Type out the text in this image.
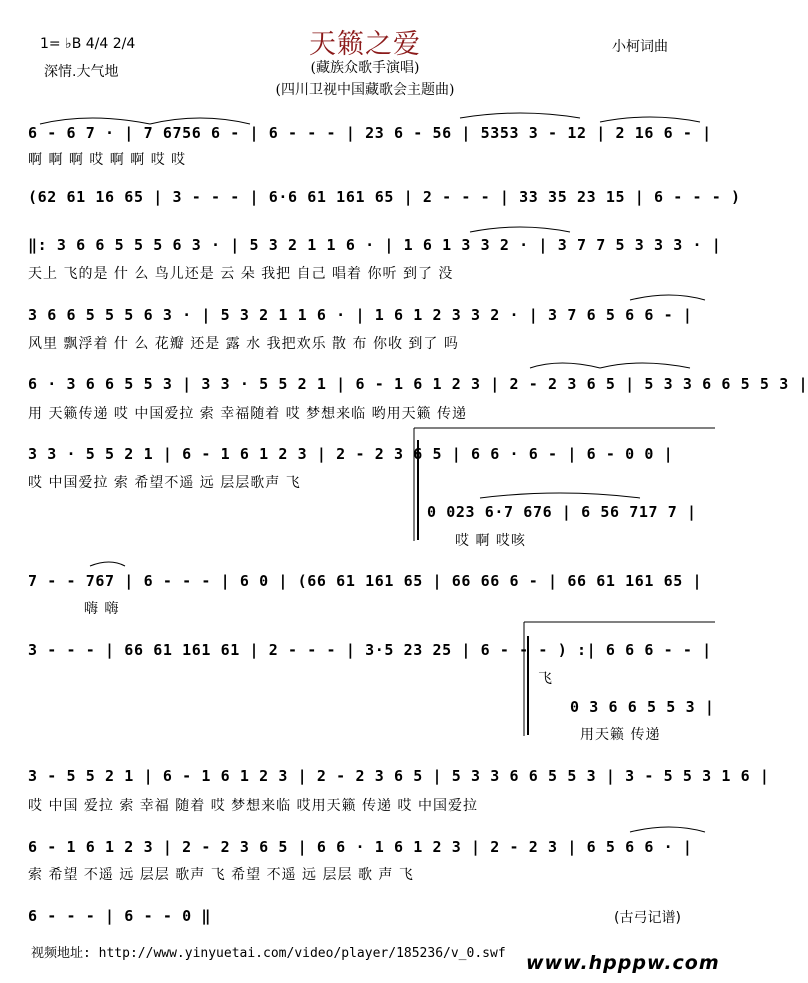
天籁之爱
(藏族众歌手演唱)
(四川卫视中国藏歌会主题曲)
1= ♭B 4/4 2/4
深情.大气地
小柯词曲
6 - 6 7 · | 7 6756 6 - | 6 - - - | 23 6 - 56 | 5353 3 - 12 | 2 16 6 - |
啊 啊 啊 哎 啊 啊 哎 哎
(62 61 16 65 | 3 - - - | 6·6 61 161 65 | 2 - - - | 33 35 23 15 | 6 - - - )
‖: 3 6 6 5 5 5 6 3 · | 5 3 2 1 1 6 · | 1 6 1 3 3 2 · | 3 7 7 5 3 3 3 · |
天上 飞的是 什 么 鸟儿还是 云 朵 我把 自己 唱着 你听 到了 没
3 6 6 5 5 5 6 3 · | 5 3 2 1 1 6 · | 1 6 1 2 3 3 2 · | 3 7 6 5 6 6 - |
风里 飘浮着 什 么 花瓣 还是 露 水 我把欢乐 散 布 你收 到了 吗
6 · 3 6 6 5 5 3 | 3 3 · 5 5 2 1 | 6 - 1 6 1 2 3 | 2 - 2 3 6 5 | 5 3 3 6 6 5 5 3 |
用 天籁传递 哎 中国爱拉 索 幸福随着 哎 梦想来临 哟用天籁 传递
3 3 · 5 5 2 1 | 6 - 1 6 1 2 3 | 2 - 2 3 6 5 | 6 6 · 6 - | 6 - 0 0 |
哎 中国爱拉 索 希望不遥 远 层层歌声 飞
0 023 6·7 676 | 6 56 717 7 |
哎 啊 哎咳
7 - - 767 | 6 - - - | 6 0 | (66 61 161 65 | 66 66 6 - | 66 61 161 65 |
嗨 嗨
3 - - - | 66 61 161 61 | 2 - - - | 3·5 23 25 | 6 - - - ) :| 6 6 6 - - |
飞
0 3 6 6 5 5 3 |
用天籁 传递
3 - 5 5 2 1 | 6 - 1 6 1 2 3 | 2 - 2 3 6 5 | 5 3 3 6 6 5 5 3 | 3 - 5 5 3 1 6 |
哎 中国 爱拉 索 幸福 随着 哎 梦想来临 哎用天籁 传递 哎 中国爱拉
6 - 1 6 1 2 3 | 2 - 2 3 6 5 | 6 6 · 1 6 1 2 3 | 2 - 2 3 | 6 5 6 6 · |
索 希望 不遥 远 层层 歌声 飞 希望 不遥 远 层层 歌 声 飞
6 - - - | 6 - - 0 ‖	(古弓记谱)
视频地址: http://www.yinyuetai.com/video/player/185236/v_0.swf www.hpppw.com
